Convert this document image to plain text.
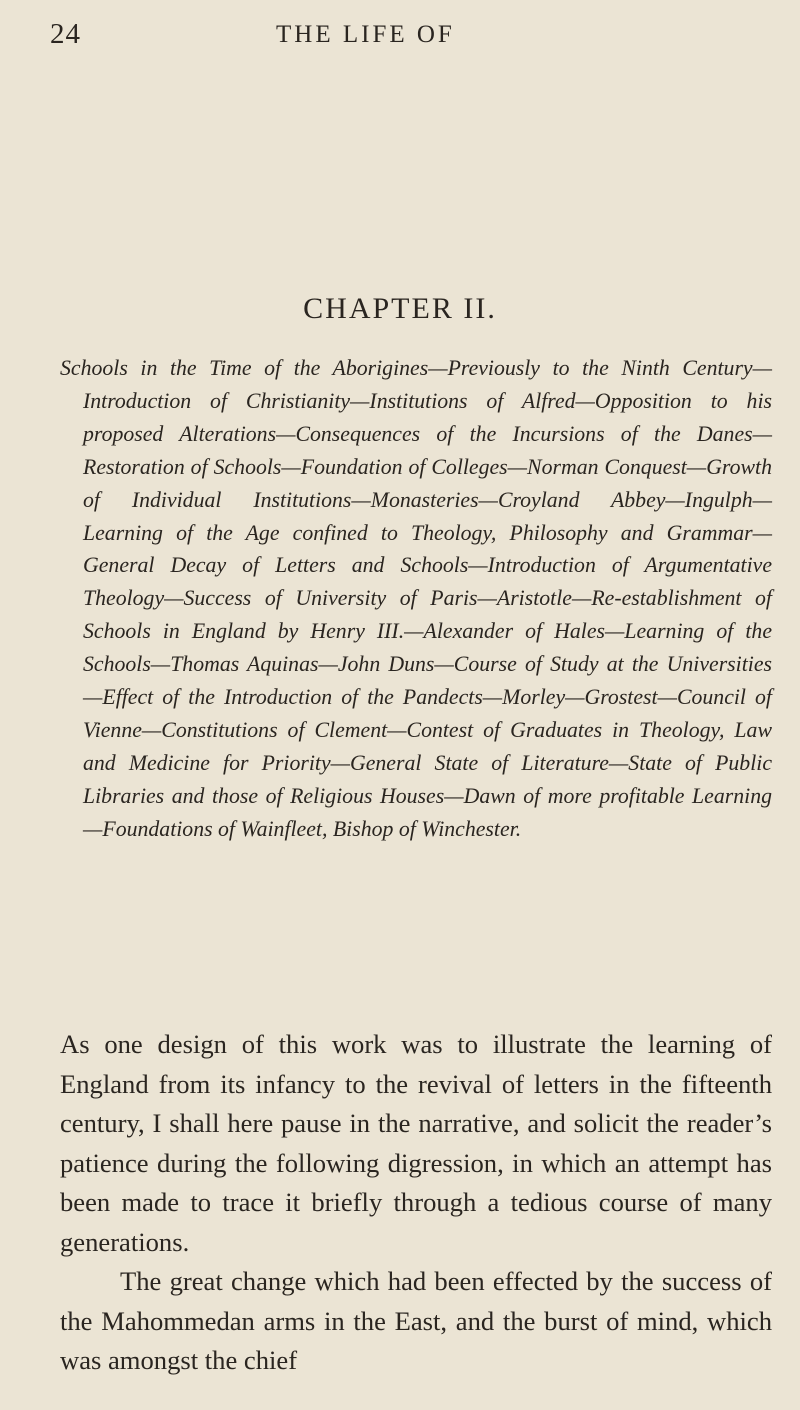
24	THE LIFE OF
CHAPTER II.

Schools in the Time of the Aborigines—Previously to the Ninth Century—Introduction of Christianity—Institutions of Alfred—Opposition to his proposed Alterations—Consequences of the Incursions of the Danes—Restoration of Schools—Foundation of Colleges—Norman Conquest—Growth of Individual Institutions—Monasteries—Croyland Abbey—Ingulph—Learning of the Age confined to Theology, Philosophy and Grammar—General Decay of Letters and Schools—Introduction of Argumentative Theology—Success of University of Paris—Aristotle—Re-establishment of Schools in England by Henry III.—Alexander of Hales—Learning of the Schools—Thomas Aquinas—John Duns—Course of Study at the Universities—Effect of the Introduction of the Pandects—Morley—Grostest—Council of Vienne—Constitutions of Clement—Contest of Graduates in Theology, Law and Medicine for Priority—General State of Literature—State of Public Libraries and those of Religious Houses—Dawn of more profitable Learning—Foundations of Wainfleet, Bishop of Winchester.

As one design of this work was to illustrate the learning of England from its infancy to the revival of letters in the fifteenth century, I shall here pause in the narrative, and solicit the reader’s patience during the following digression, in which an attempt has been made to trace it briefly through a tedious course of many generations.

The great change which had been effected by the success of the Mahommedan arms in the East, and the burst of mind, which was amongst the chief
